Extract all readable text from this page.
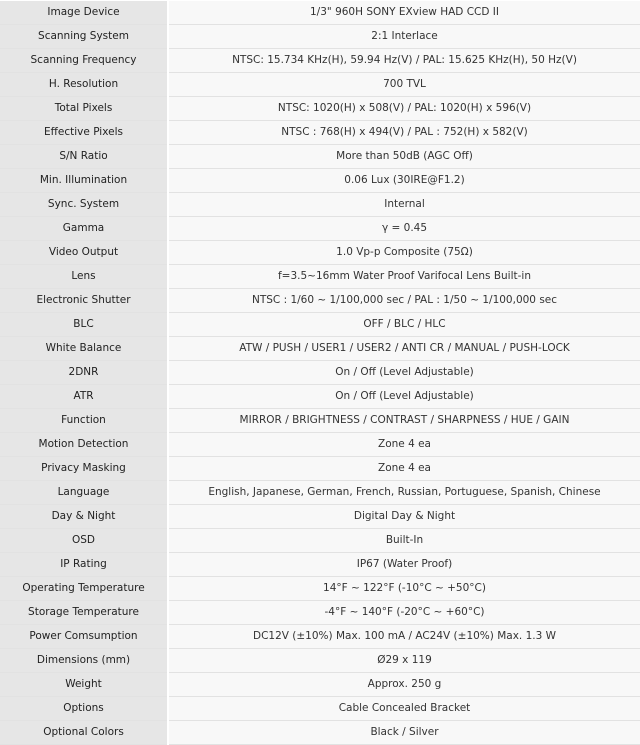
Image Device	1/3" 960H SONY EXview HAD CCD II
Scanning System	2:1 Interlace
Scanning Frequency	NTSC: 15.734 KHz(H), 59.94 Hz(V) / PAL: 15.625 KHz(H), 50 Hz(V)
H. Resolution	700 TVL
Total Pixels	NTSC: 1020(H) x 508(V) / PAL: 1020(H) x 596(V)
Effective Pixels	NTSC : 768(H) x 494(V) / PAL : 752(H) x 582(V)
S/N Ratio	More than 50dB (AGC Off)
Min. Illumination	0.06 Lux (30IRE@F1.2)
Sync. System	Internal
Gamma	γ = 0.45
Video Output	1.0 Vp-p Composite (75Ω)
Lens	f=3.5~16mm Water Proof Varifocal Lens Built-in
Electronic Shutter	NTSC : 1/60 ~ 1/100,000 sec / PAL : 1/50 ~ 1/100,000 sec
BLC	OFF / BLC / HLC
White Balance	ATW / PUSH / USER1 / USER2 / ANTI CR / MANUAL / PUSH-LOCK
2DNR	On / Off (Level Adjustable)
ATR	On / Off (Level Adjustable)
Function	MIRROR / BRIGHTNESS / CONTRAST / SHARPNESS / HUE / GAIN
Motion Detection	Zone 4 ea
Privacy Masking	Zone 4 ea
Language	English, Japanese, German, French, Russian, Portuguese, Spanish, Chinese
Day & Night	Digital Day & Night
OSD	Built-In
IP Rating	IP67 (Water Proof)
Operating Temperature	14°F ~ 122°F (-10°C ~ +50°C)
Storage Temperature	-4°F ~ 140°F (-20°C ~ +60°C)
Power Comsumption	DC12V (±10%) Max. 100 mA / AC24V (±10%) Max. 1.3 W
Dimensions (mm)	Ø29 x 119
Weight	Approx. 250 g
Options	Cable Concealed Bracket
Optional Colors	Black / Silver
